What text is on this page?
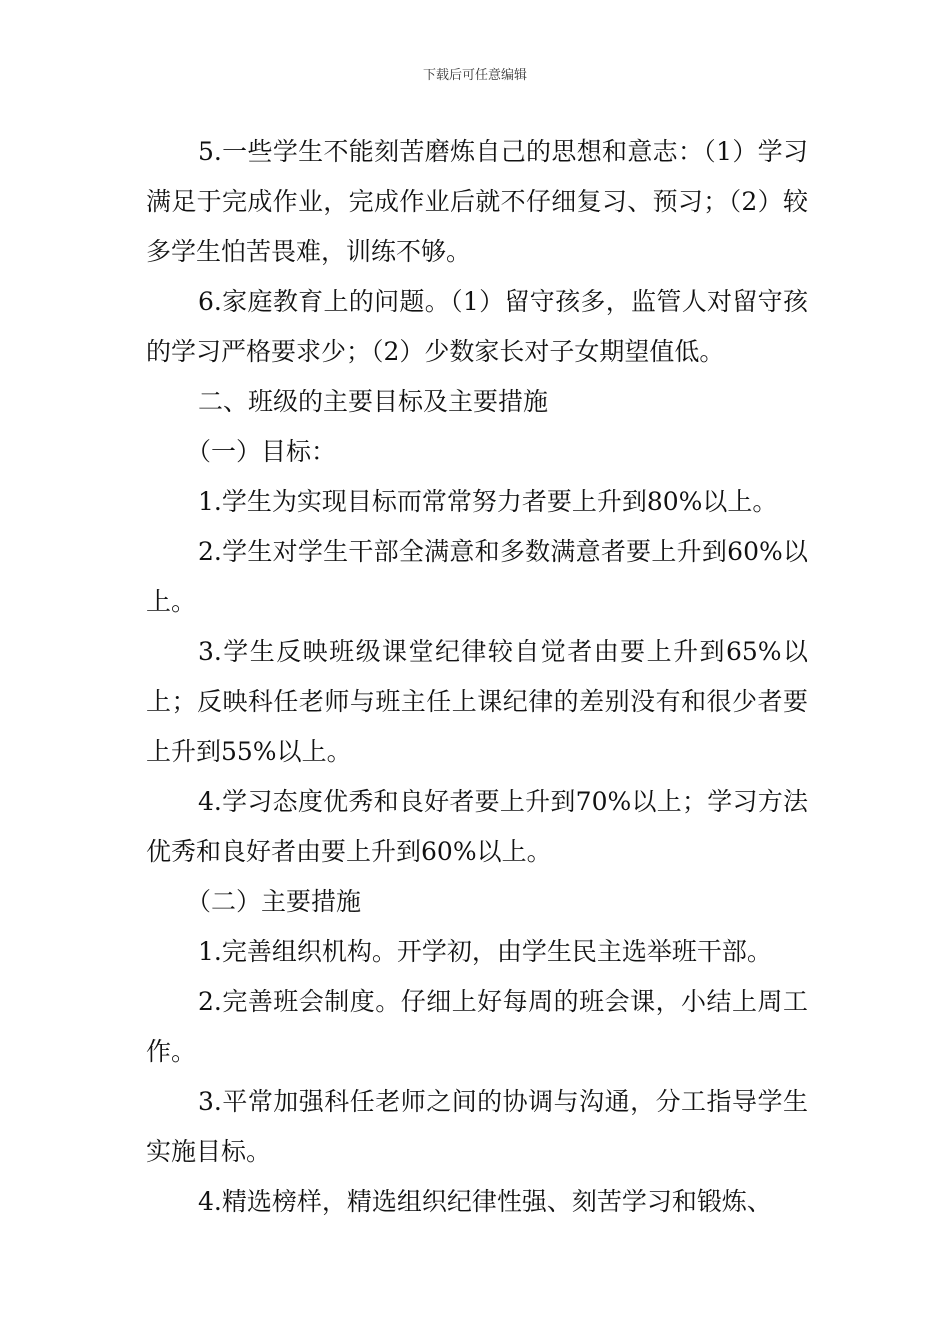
下载后可任意编辑

5.一些学生不能刻苦磨炼自己的思想和意志：（1）学习满足于完成作业，完成作业后就不仔细复习、预习；（2）较多学生怕苦畏难，训练不够。

6.家庭教育上的问题。（1）留守孩多，监管人对留守孩的学习严格要求少；（2）少数家长对子女期望值低。

二、班级的主要目标及主要措施

（一）目标：

1.学生为实现目标而常常努力者要上升到80%以上。

2.学生对学生干部全满意和多数满意者要上升到60%以上。

3.学生反映班级课堂纪律较自觉者由要上升到65%以上；反映科任老师与班主任上课纪律的差别没有和很少者要上升到55%以上。

4.学习态度优秀和良好者要上升到70%以上；学习方法优秀和良好者由要上升到60%以上。

（二）主要措施

1.完善组织机构。开学初，由学生民主选举班干部。

2.完善班会制度。仔细上好每周的班会课，小结上周工作。

3.平常加强科任老师之间的协调与沟通，分工指导学生实施目标。

4.精选榜样，精选组织纪律性强、刻苦学习和锻炼、
